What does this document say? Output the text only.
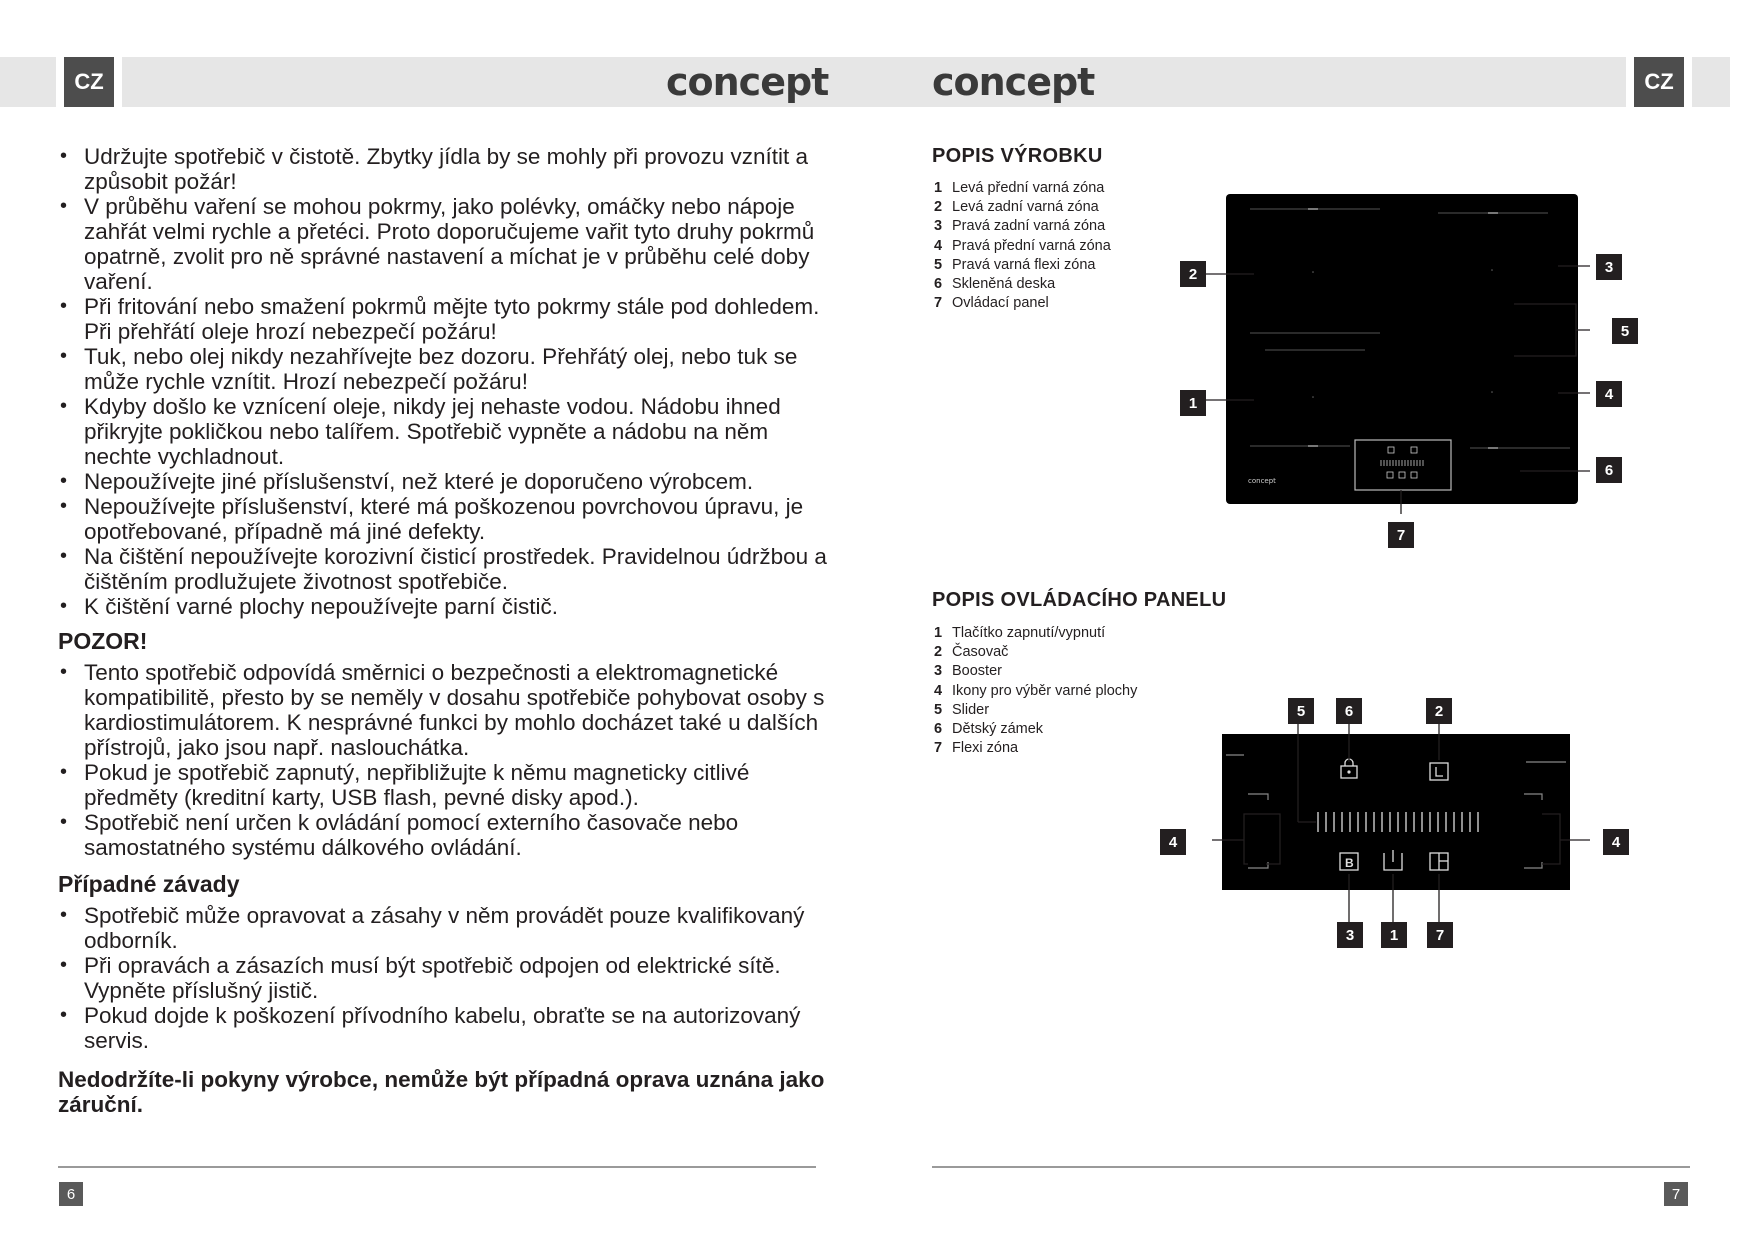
CZ	CZ
concept	concept
• Udržujte spotřebič v čistotě. Zbytky jídla by se mohly při provozu vznítit a způsobit požár!
• V průběhu vaření se mohou pokrmy, jako polévky, omáčky nebo nápoje zahřát velmi rychle a přetéci. Proto doporučujeme vařit tyto druhy pokrmů opatrně, zvolit pro ně správné nastavení a míchat je v průběhu celé doby vaření.
• Při fritování nebo smažení pokrmů mějte tyto pokrmy stále pod dohledem. Při přehřátí oleje hrozí nebezpečí požáru!
• Tuk, nebo olej nikdy nezahřívejte bez dozoru. Přehřátý olej, nebo tuk se může rychle vznítit. Hrozí nebezpečí požáru!
• Kdyby došlo ke vznícení oleje, nikdy jej nehaste vodou. Nádobu ihned přikryjte pokličkou nebo talířem. Spotřebič vypněte a nádobu na něm nechte vychladnout.
• Nepoužívejte jiné příslušenství, než které je doporučeno výrobcem.
• Nepoužívejte příslušenství, které má poškozenou povrchovou úpravu, je opotřebované, případně má jiné defekty.
• Na čištění nepoužívejte korozivní čisticí prostředek. Pravidelnou údržbou a čištěním prodlužujete životnost spotřebiče.
• K čištění varné plochy nepoužívejte parní čistič.
POZOR!
• Tento spotřebič odpovídá směrnici o bezpečnosti a elektromagnetické kompatibilitě, přesto by se neměly v dosahu spotřebiče pohybovat osoby s kardiostimulátorem. K nesprávné funkci by mohlo docházet také u dalších přístrojů, jako jsou např. naslouchátka.
• Pokud je spotřebič zapnutý, nepřibližujte k němu magneticky citlivé předměty (kreditní karty, USB flash, pevné disky apod.).
• Spotřebič není určen k ovládání pomocí externího časovače nebo samostatného systému dálkového ovládání.
Případné závady
• Spotřebič může opravovat a zásahy v něm provádět pouze kvalifikovaný odborník.
• Při opravách a zásazích musí být spotřebič odpojen od elektrické sítě. Vypněte příslušný jistič.
• Pokud dojde k poškození přívodního kabelu, obraťte se na autorizovaný servis.

Nedodržíte-li pokyny výrobce, nemůže být případná oprava uznána jako záruční.

POPIS VÝROBKU
1 Levá přední varná zóna
2 Levá zadní varná zóna
3 Pravá zadní varná zóna
4 Pravá přední varná zóna
5 Pravá varná flexi zóna
6 Skleněná deska
7 Ovládací panel
concept
2
1
3
5
4
6
7
POPIS OVLÁDACÍHO PANELU
1 Tlačítko zapnutí/vypnutí
2 Časovač
3 Booster
4 Ikony pro výběr varné plochy
5 Slider
6 Dětský zámek
7 Flexi zóna
B
5	6	2
4	4
3	1	7
6	7
